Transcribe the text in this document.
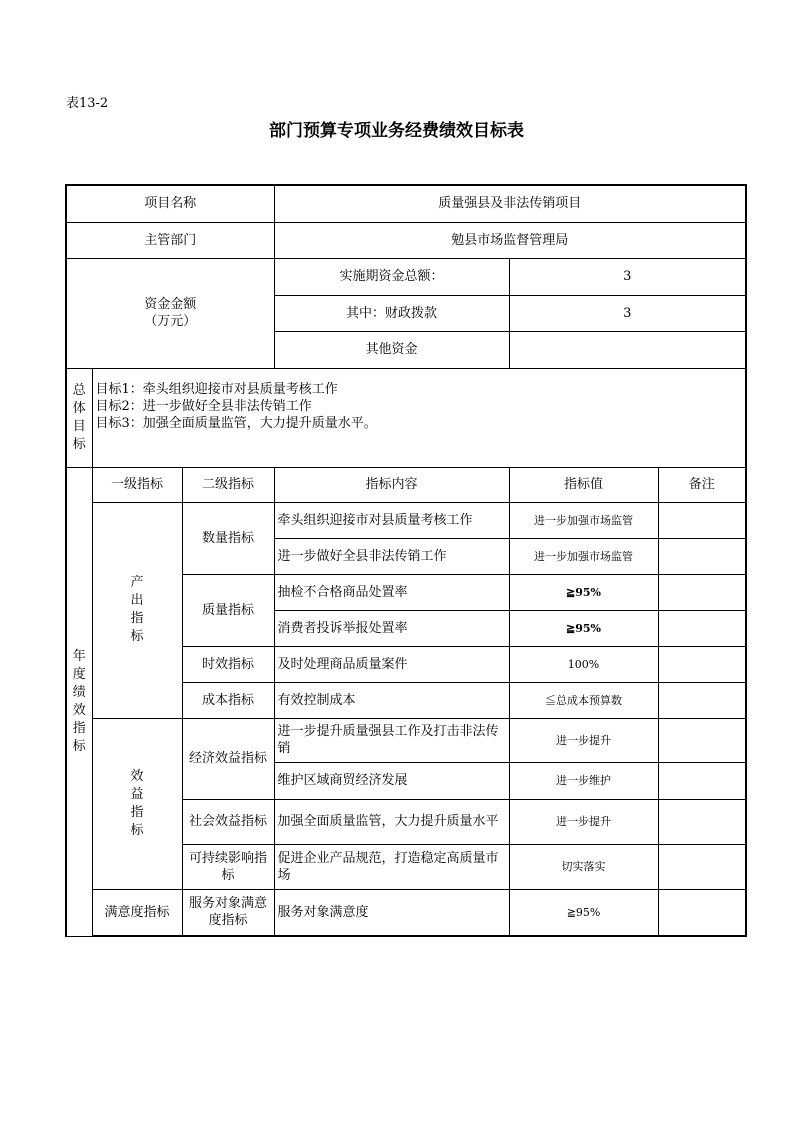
表13-2
部门预算专项业务经费绩效目标表
项目名称			质量强县及非法传销项目		
主管部门			勉县市场监督管理局		

资金金额
（万元）			实施期资金总额：	3	
			其中：财政拨款	3	
			其他资金		
总体目标	目标1：牵头组织迎接市对县质量考核工作
目标2：进一步做好全县非法传销工作
目标3：加强全面质量监管，大力提升质量水平。				

年度绩效指标	一级指标	二级指标	指标内容	指标值	备注
	产出指标	数量指标	牵头组织迎接市对县质量考核工作	进一步加强市场监管	
			进一步做好全县非法传销工作	进一步加强市场监管	
		质量指标	抽检不合格商品处置率	≧95%	
			消费者投诉举报处置率	≧95%	
		时效指标	及时处理商品质量案件	100%	
		成本指标	有效控制成本	≦总成本预算数	
	效益指标	经济效益指标	进一步提升质量强县工作及打击非法传销	进一步提升	
			维护区域商贸经济发展	进一步维护	
		社会效益指标	加强全面质量监管，大力提升质量水平	进一步提升	
		可持续影响指标	促进企业产品规范，打造稳定高质量市场	切实落实	
	满意度指标	服务对象满意度指标	服务对象满意度	≧95%	
